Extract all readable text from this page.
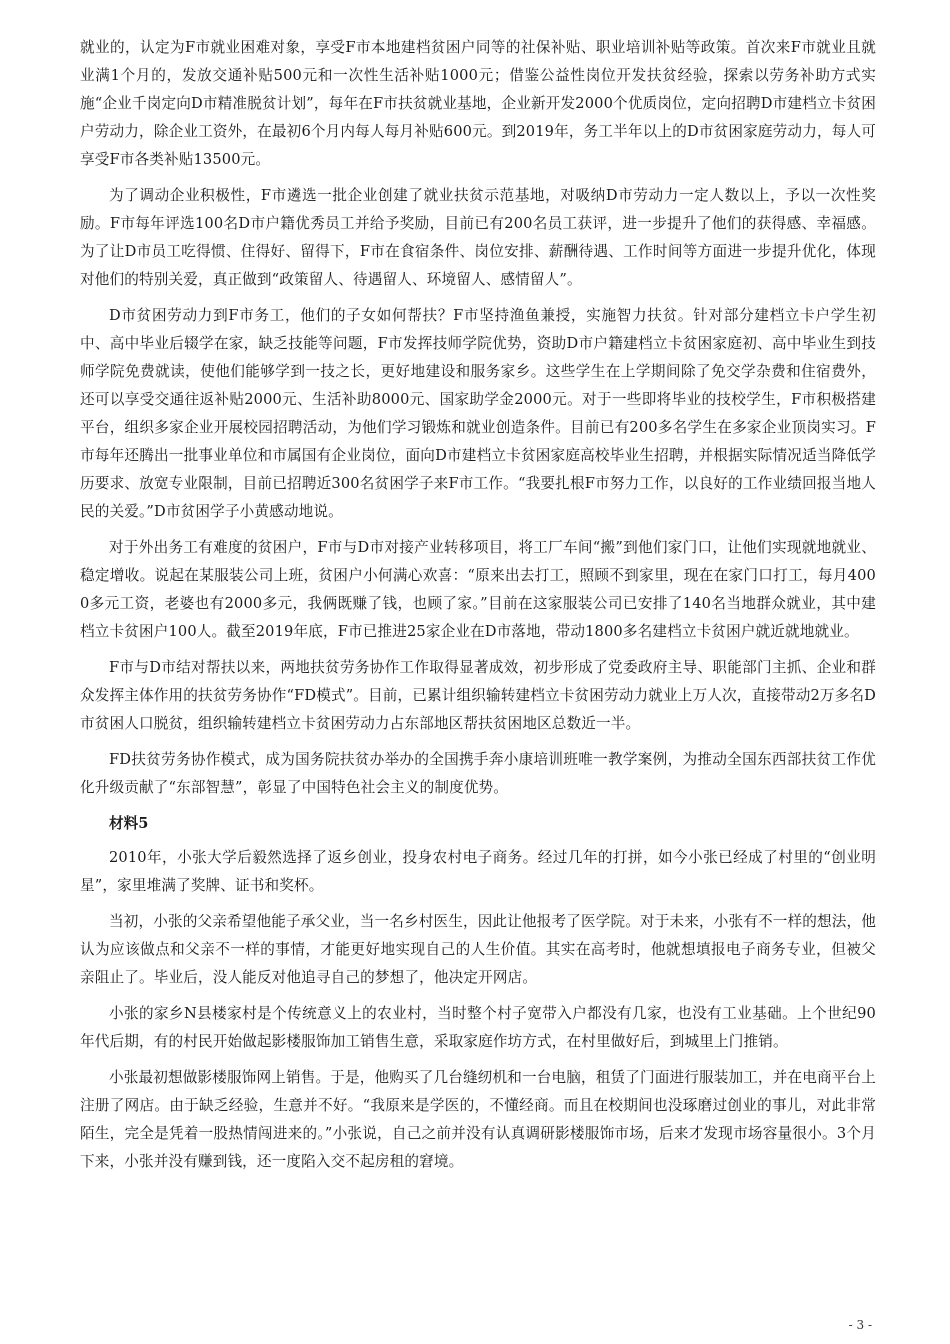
就业的，认定为F市就业困难对象，享受F市本地建档贫困户同等的社保补贴、职业培训补贴等政策。首次来F市就业且就业满1个月的，发放交通补贴500元和一次性生活补贴1000元；借鉴公益性岗位开发扶贫经验，探索以劳务补助方式实施“企业千岗定向D市精准脱贫计划”，每年在F市扶贫就业基地，企业新开发2000个优质岗位，定向招聘D市建档立卡贫困户劳动力，除企业工资外，在最初6个月内每人每月补贴600元。到2019年，务工半年以上的D市贫困家庭劳动力，每人可享受F市各类补贴13500元。

为了调动企业积极性，F市遴选一批企业创建了就业扶贫示范基地，对吸纳D市劳动力一定人数以上，予以一次性奖励。F市每年评选100名D市户籍优秀员工并给予奖励，目前已有200名员工获评，进一步提升了他们的获得感、幸福感。为了让D市员工吃得惯、住得好、留得下，F市在食宿条件、岗位安排、薪酬待遇、工作时间等方面进一步提升优化，体现对他们的特别关爱，真正做到“政策留人、待遇留人、环境留人、感情留人”。

D市贫困劳动力到F市务工，他们的子女如何帮扶？F市坚持渔鱼兼授，实施智力扶贫。针对部分建档立卡户学生初中、高中毕业后辍学在家，缺乏技能等问题，F市发挥技师学院优势，资助D市户籍建档立卡贫困家庭初、高中毕业生到技师学院免费就读，使他们能够学到一技之长，更好地建设和服务家乡。这些学生在上学期间除了免交学杂费和住宿费外，还可以享受交通往返补贴2000元、生活补助8000元、国家助学金2000元。对于一些即将毕业的技校学生，F市积极搭建平台，组织多家企业开展校园招聘活动，为他们学习锻炼和就业创造条件。目前已有200多名学生在多家企业顶岗实习。F市每年还腾出一批事业单位和市属国有企业岗位，面向D市建档立卡贫困家庭高校毕业生招聘，并根据实际情况适当降低学历要求、放宽专业限制，目前已招聘近300名贫困学子来F市工作。“我要扎根F市努力工作，以良好的工作业绩回报当地人民的关爱。”D市贫困学子小黄感动地说。

对于外出务工有难度的贫困户，F市与D市对接产业转移项目，将工厂车间“搬”到他们家门口，让他们实现就地就业、稳定增收。说起在某服装公司上班，贫困户小何满心欢喜：“原来出去打工，照顾不到家里，现在在家门口打工，每月4000多元工资，老婆也有2000多元，我俩既赚了钱，也顾了家。”目前在这家服装公司已安排了140名当地群众就业，其中建档立卡贫困户100人。截至2019年底，F市已推进25家企业在D市落地，带动1800多名建档立卡贫困户就近就地就业。

F市与D市结对帮扶以来，两地扶贫劳务协作工作取得显著成效，初步形成了党委政府主导、职能部门主抓、企业和群众发挥主体作用的扶贫劳务协作“FD模式”。目前，已累计组织输转建档立卡贫困劳动力就业上万人次，直接带动2万多名D市贫困人口脱贫，组织输转建档立卡贫困劳动力占东部地区帮扶贫困地区总数近一半。

FD扶贫劳务协作模式，成为国务院扶贫办举办的全国携手奔小康培训班唯一教学案例，为推动全国东西部扶贫工作优化升级贡献了“东部智慧”，彰显了中国特色社会主义的制度优势。

材料5

2010年，小张大学后毅然选择了返乡创业，投身农村电子商务。经过几年的打拼，如今小张已经成了村里的“创业明星”，家里堆满了奖牌、证书和奖杯。

当初，小张的父亲希望他能子承父业，当一名乡村医生，因此让他报考了医学院。对于未来，小张有不一样的想法，他认为应该做点和父亲不一样的事情，才能更好地实现自己的人生价值。其实在高考时，他就想填报电子商务专业，但被父亲阻止了。毕业后，没人能反对他追寻自己的梦想了，他决定开网店。

小张的家乡N县楼家村是个传统意义上的农业村，当时整个村子宽带入户都没有几家，也没有工业基础。上个世纪90年代后期，有的村民开始做起影楼服饰加工销售生意，采取家庭作坊方式，在村里做好后，到城里上门推销。

小张最初想做影楼服饰网上销售。于是，他购买了几台缝纫机和一台电脑，租赁了门面进行服装加工，并在电商平台上注册了网店。由于缺乏经验，生意并不好。“我原来是学医的，不懂经商。而且在校期间也没琢磨过创业的事儿，对此非常陌生，完全是凭着一股热情闯进来的。”小张说，自己之前并没有认真调研影楼服饰市场，后来才发现市场容量很小。3个月下来，小张并没有赚到钱，还一度陷入交不起房租的窘境。

- 3 -
